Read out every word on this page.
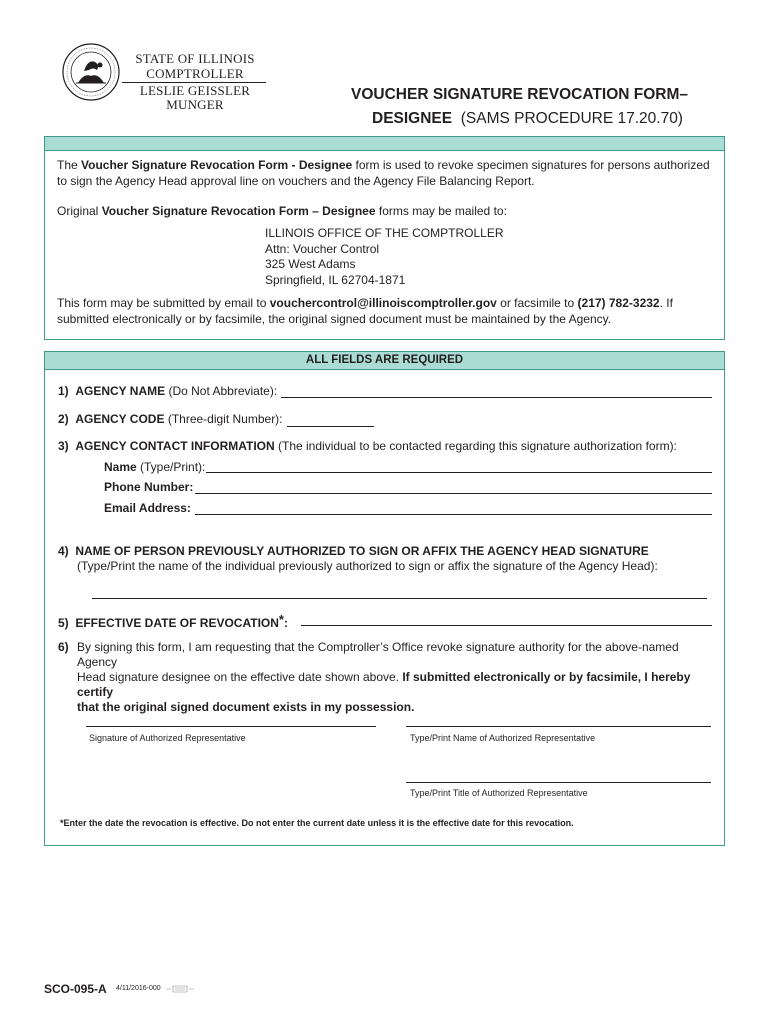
STATE OF ILLINOIS
COMPTROLLER
LESLIE GEISSLER MUNGER
VOUCHER SIGNATURE REVOCATION FORM–
DESIGNEE (SAMS PROCEDURE 17.20.70)
The Voucher Signature Revocation Form - Designee form is used to revoke specimen signatures for persons authorized
to sign the Agency Head approval line on vouchers and the Agency File Balancing Report.
Original Voucher Signature Revocation Form – Designee forms may be mailed to:
ILLINOIS OFFICE OF THE COMPTROLLER
Attn: Voucher Control
325 West Adams
Springfield, IL 62704-1871
This form may be submitted by email to vouchercontrol@illinoiscomptroller.gov or facsimile to (217) 782-3232. If
submitted electronically or by facsimile, the original signed document must be maintained by the Agency.
ALL FIELDS ARE REQUIRED
1) AGENCY NAME (Do Not Abbreviate):
2) AGENCY CODE (Three-digit Number):
3) AGENCY CONTACT INFORMATION (The individual to be contacted regarding this signature authorization form):
Name (Type/Print):
Phone Number:
Email Address:
4) NAME OF PERSON PREVIOUSLY AUTHORIZED TO SIGN OR AFFIX THE AGENCY HEAD SIGNATURE
(Type/Print the name of the individual previously authorized to sign or affix the signature of the Agency Head):
5) EFFECTIVE DATE OF REVOCATION*:
6) By signing this form, I am requesting that the Comptroller’s Office revoke signature authority for the above-named Agency
Head signature designee on the effective date shown above. If submitted electronically or by facsimile, I hereby certify
that the original signed document exists in my possession.
Signature of Authorized Representative	Type/Print Name of Authorized Representative
Type/Print Title of Authorized Representative
*Enter the date the revocation is effective. Do not enter the current date unless it is the effective date for this revocation.
SCO-095-A 4/11/2016-000
